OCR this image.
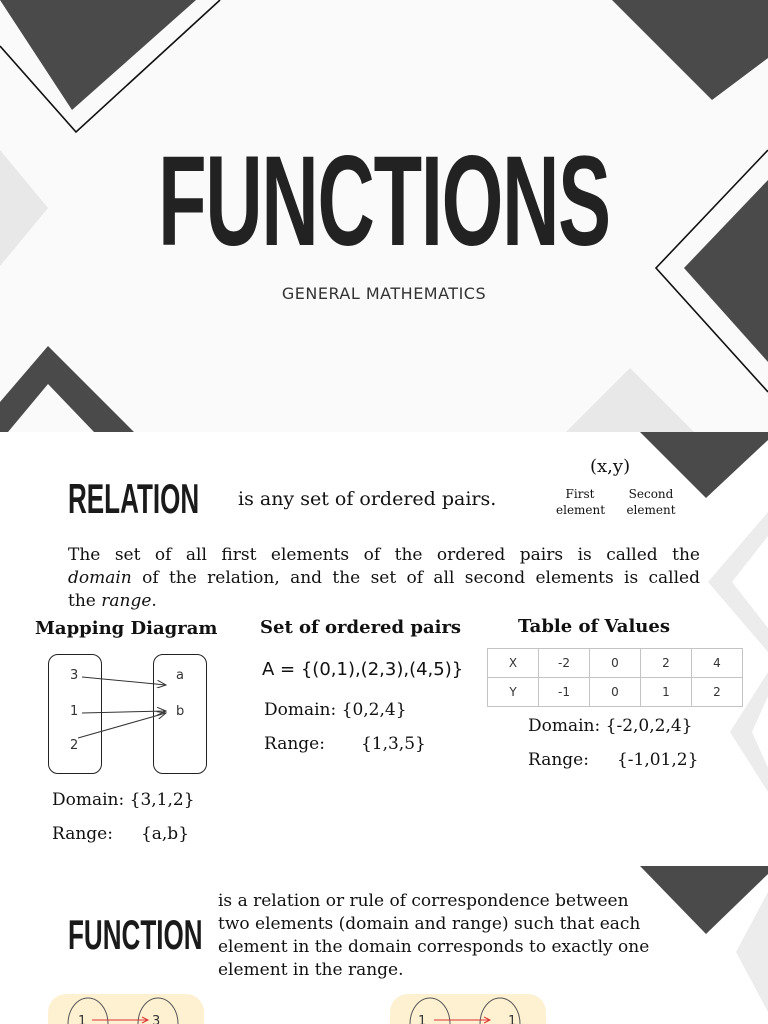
FUNCTIONS
GENERAL MATHEMATICS
RELATION is any set of ordered pairs.
(x,y)
First
element
Second
element
The set of all first elements of the ordered pairs is called the
domain of the relation, and the set of all second elements is called
the range.
Mapping Diagram
3
1
2
a
b
Domain: {3,1,2}
Range: {a,b}
Set of ordered pairs
A = {(0,1),(2,3),(4,5)}
Domain: {0,2,4}
Range: {1,3,5}
Table of Values
X	-2	0	2	4
Y	-1	0	1	2
Domain: {-2,0,2,4}
Range: {-1,01,2}
FUNCTION
is a relation or rule of correspondence between
two elements (domain and range) such that each
element in the domain corresponds to exactly one
element in the range.
1	3	1	1
